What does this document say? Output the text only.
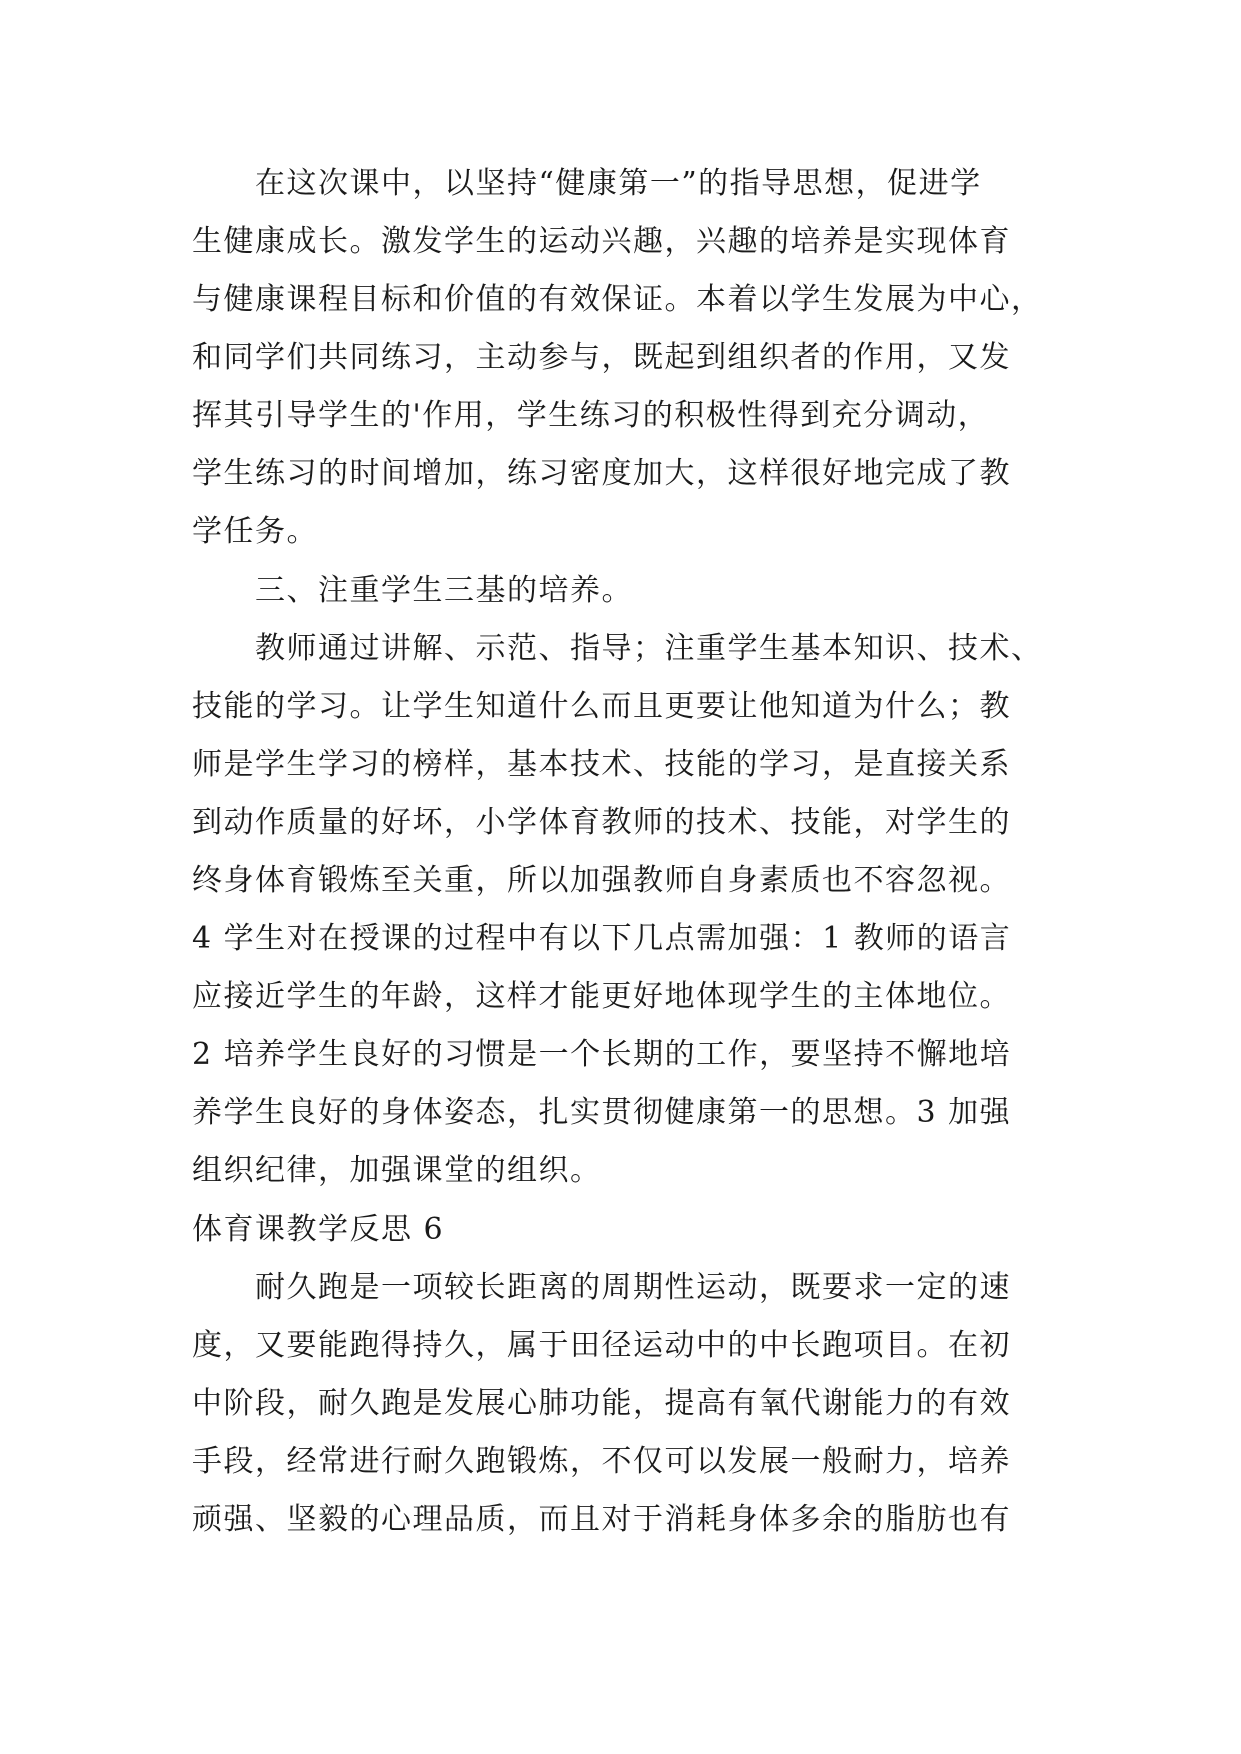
在这次课中，以坚持“健康第一”的指导思想，促进学
生健康成长。激发学生的运动兴趣，兴趣的培养是实现体育
与健康课程目标和价值的有效保证。本着以学生发展为中心，
和同学们共同练习，主动参与，既起到组织者的作用，又发
挥其引导学生的'作用，学生练习的积极性得到充分调动，
学生练习的时间增加，练习密度加大，这样很好地完成了教
学任务。
三、注重学生三基的培养。
教师通过讲解、示范、指导；注重学生基本知识、技术、
技能的学习。让学生知道什么而且更要让他知道为什么；教
师是学生学习的榜样，基本技术、技能的学习，是直接关系
到动作质量的好坏，小学体育教师的技术、技能，对学生的
终身体育锻炼至关重，所以加强教师自身素质也不容忽视。
4 学生对在授课的过程中有以下几点需加强：1 教师的语言
应接近学生的年龄，这样才能更好地体现学生的主体地位。
2 培养学生良好的习惯是一个长期的工作，要坚持不懈地培
养学生良好的身体姿态，扎实贯彻健康第一的思想。3 加强
组织纪律，加强课堂的组织。
体育课教学反思 6
耐久跑是一项较长距离的周期性运动，既要求一定的速
度，又要能跑得持久，属于田径运动中的中长跑项目。在初
中阶段，耐久跑是发展心肺功能，提高有氧代谢能力的有效
手段，经常进行耐久跑锻炼，不仅可以发展一般耐力，培养
顽强、坚毅的心理品质，而且对于消耗身体多余的脂肪也有
